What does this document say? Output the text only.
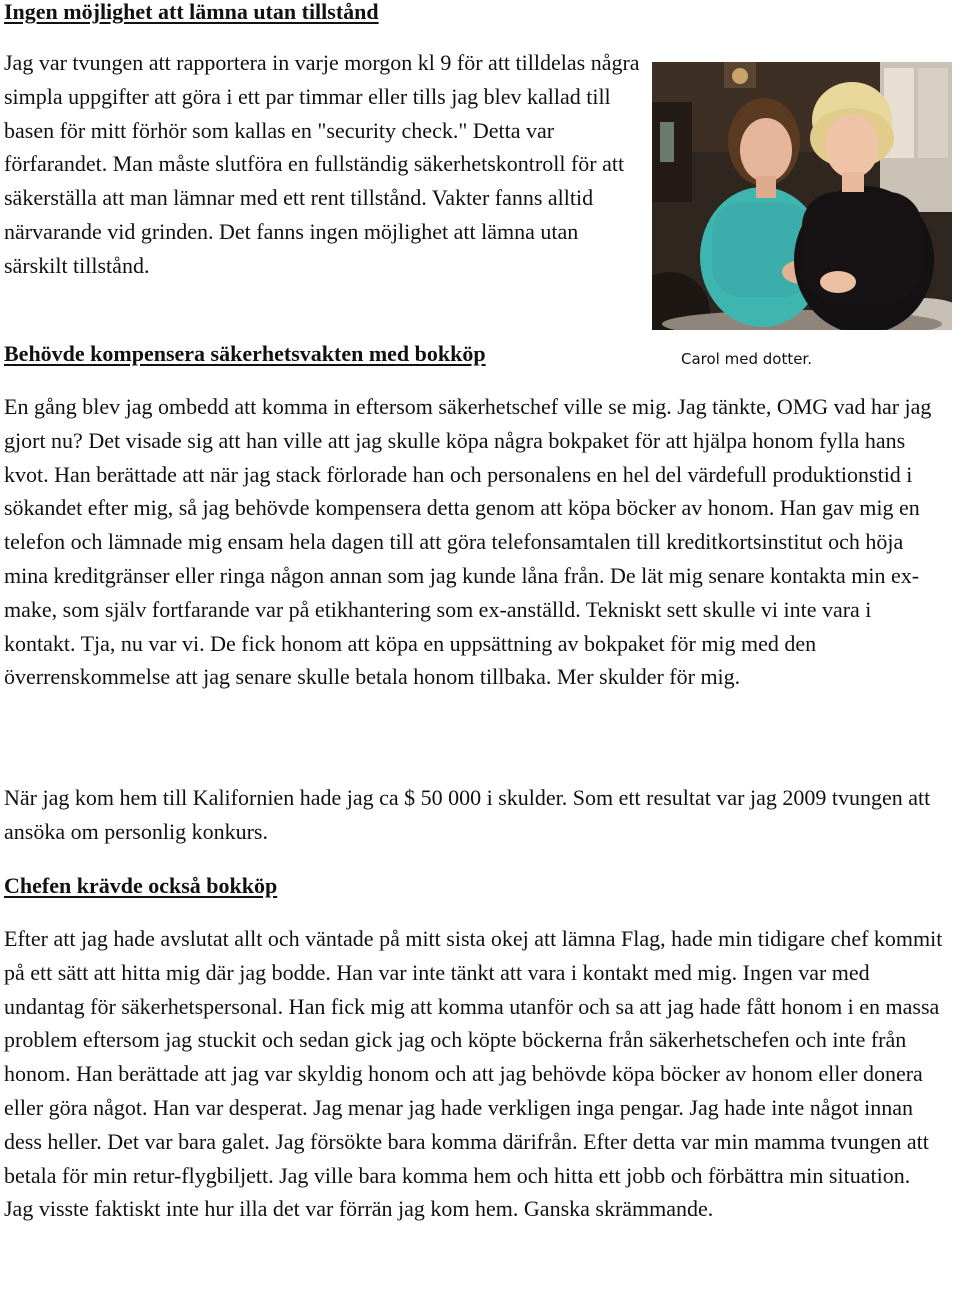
Ingen möjlighet att lämna utan tillstånd

Jag var tvungen att rapportera in varje morgon kl 9 för att tilldelas några simpla uppgifter att göra i ett par timmar eller tills jag blev kallad till basen för mitt förhör som kallas en "security check." Detta var förfarandet. Man måste slutföra en fullständig säkerhetskontroll för att säkerställa att man lämnar med ett rent tillstånd. Vakter fanns alltid närvarande vid grinden. Det fanns ingen möjlighet att lämna utan särskilt tillstånd.

Behövde kompensera säkerhetsvakten med bokköp

En gång blev jag ombedd att komma in eftersom säkerhetschef ville se mig. Jag tänkte, OMG vad har jag gjort nu? Det visade sig att han ville att jag skulle köpa några bokpaket för att hjälpa honom fylla hans kvot. Han berättade att när jag stack förlorade han och personalens en hel del värdefull produktionstid i sökandet efter mig, så jag behövde kompensera detta genom att köpa böcker av honom. Han gav mig en telefon och lämnade mig ensam hela dagen till att göra telefonsamtalen till kreditkortsinstitut och höja mina kreditgränser eller ringa någon annan som jag kunde låna från. De lät mig senare kontakta min ex-make, som själv fortfarande var på etikhantering som ex-anställd. Tekniskt sett skulle vi inte vara i kontakt. Tja, nu var vi. De fick honom att köpa en uppsättning av bokpaket för mig med den överrenskommelse att jag senare skulle betala honom tillbaka. Mer skulder för mig.

När jag kom hem till Kalifornien hade jag ca $ 50 000 i skulder. Som ett resultat var jag 2009 tvungen att ansöka om personlig konkurs.

Chefen krävde också bokköp

Efter att jag hade avslutat allt och väntade på mitt sista okej att lämna Flag, hade min tidigare chef kommit på ett sätt att hitta mig där jag bodde. Han var inte tänkt att vara i kontakt med mig. Ingen var med undantag för säkerhetspersonal. Han fick mig att komma utanför och sa att jag hade fått honom i en massa problem eftersom jag stuckit och sedan gick jag och köpte böckerna från säkerhetschefen och inte från honom. Han berättade att jag var skyldig honom och att jag behövde köpa böcker av honom eller donera eller göra något. Han var desperat. Jag menar jag hade verkligen inga pengar. Jag hade inte något innan dess heller. Det var bara galet. Jag försökte bara komma därifrån. Efter detta var min mamma tvungen att betala för min retur-flygbiljett. Jag ville bara komma hem och hitta ett jobb och förbättra min situation. Jag visste faktiskt inte hur illa det var förrän jag kom hem. Ganska skrämmande.

Carol med dotter.
